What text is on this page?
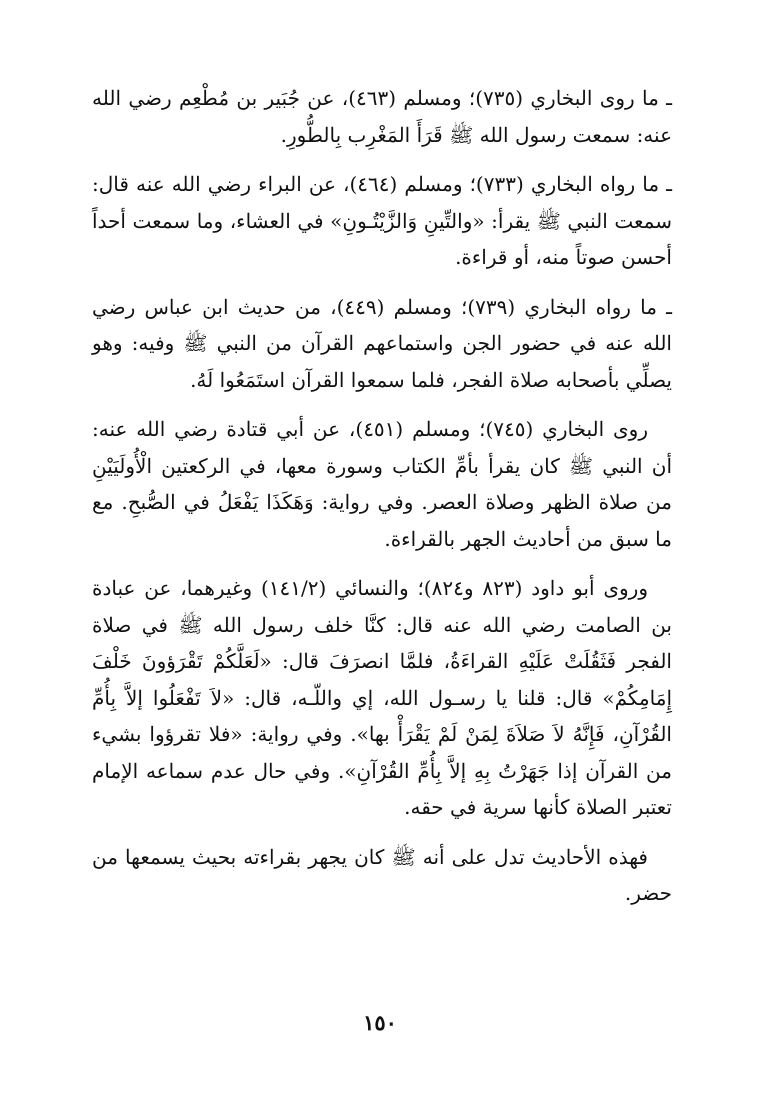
ـ ما روى البخاري (٧٣٥)؛ ومسلم (٤٦٣)، عن جُبَير بن مُطْعِم رضي الله عنه: سمعت رسول الله ﷺ قَرَأَ المَغْرِب بِالطُّورِ.

ـ ما رواه البخاري (٧٣٣)؛ ومسلم (٤٦٤)، عن البراء رضي الله عنه قال: سمعت النبي ﷺ يقرأ: «والتِّينِ وَالزَّيْتُـونِ» في العشاء، وما سمعت أحداً أحسن صوتاً منه، أو قراءة.

ـ ما رواه البخاري (٧٣٩)؛ ومسلم (٤٤٩)، من حديث ابن عباس رضي الله عنه في حضور الجن واستماعهم القرآن من النبي ﷺ وفيه: وهو يصلِّي بأصحابه صلاة الفجر، فلما سمعوا القرآن استَمَعُوا لَهُ.

روى البخاري (٧٤٥)؛ ومسلم (٤٥١)، عن أبي قتادة رضي الله عنه: أن النبي ﷺ كان يقرأ بأمِّ الكتاب وسورة معها، في الركعتين الْأُولَيَيْنِ من صلاة الظهر وصلاة العصر. وفي رواية: وَهَكَذَا يَفْعَلُ في الصُّبحِ. مع ما سبق من أحاديث الجهر بالقراءة.

وروى أبو داود (٨٢٣ و٨٢٤)؛ والنسائي (١٤١/٢) وغيرهما، عن عبادة بن الصامت رضي الله عنه قال: كنَّا خلف رسول الله ﷺ في صلاة الفجر فَثَقُلَتْ عَلَيْهِ القراءَةُ، فلمَّا انصرَفَ قال: «لَعَلَّكُمْ تَقْرَؤونَ خَلْفَ إِمَامِكُمْ» قال: قلنا يا رسـول الله، إي واللّـه، قال: «لاَ تَفْعَلُوا إلاَّ بِأُمِّ القُرْآنِ، فَإِنَّهُ لاَ صَلاَةَ لِمَنْ لَمْ يَقْرَأْ بها». وفي رواية: «فلا تقرؤوا بشيء من القرآن إذا جَهَرْتُ بِهِ إلاَّ بِأُمِّ القُرْآنِ». وفي حال عدم سماعه الإمام تعتبر الصلاة كأنها سرية في حقه.

فهذه الأحاديث تدل على أنه ﷺ كان يجهر بقراءته بحيث يسمعها من حضر.

١٥٠
